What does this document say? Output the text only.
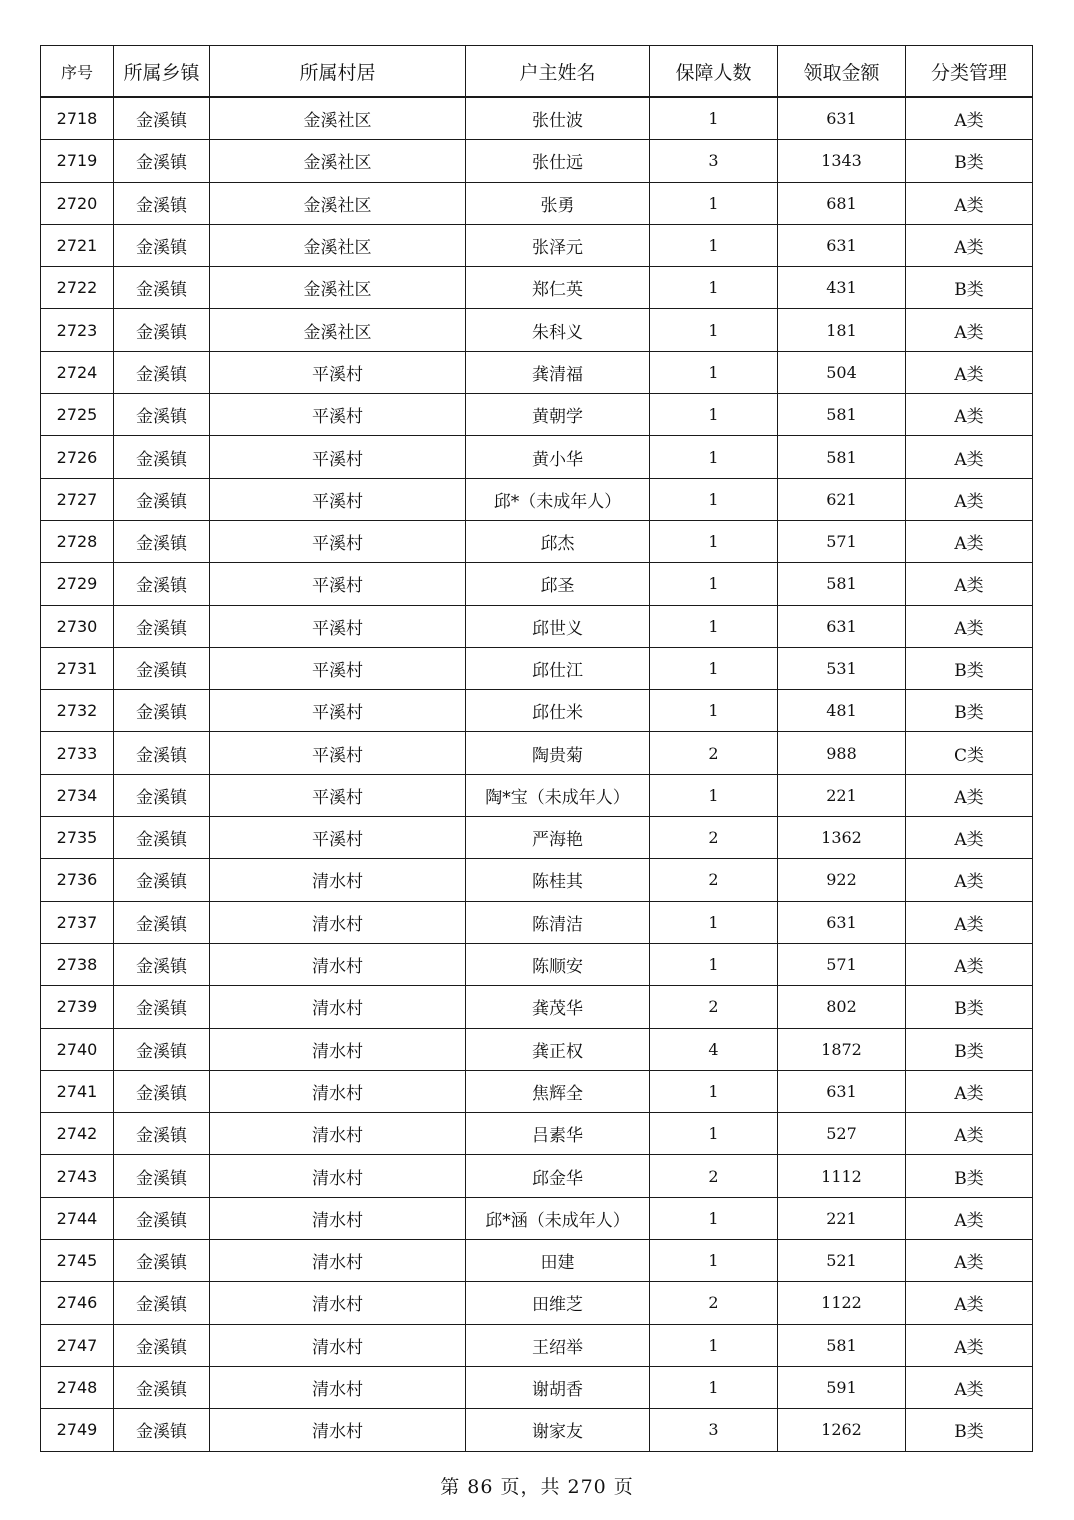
序号	所属乡镇	所属村居	户主姓名	保障人数	领取金额	分类管理
2718	金溪镇	金溪社区	张仕波	1	631	A类
2719	金溪镇	金溪社区	张仕远	3	1343	B类
2720	金溪镇	金溪社区	张勇	1	681	A类
2721	金溪镇	金溪社区	张泽元	1	631	A类
2722	金溪镇	金溪社区	郑仁英	1	431	B类
2723	金溪镇	金溪社区	朱科义	1	181	A类
2724	金溪镇	平溪村	龚清福	1	504	A类
2725	金溪镇	平溪村	黄朝学	1	581	A类
2726	金溪镇	平溪村	黄小华	1	581	A类
2727	金溪镇	平溪村	邱*（未成年人）	1	621	A类
2728	金溪镇	平溪村	邱杰	1	571	A类
2729	金溪镇	平溪村	邱圣	1	581	A类
2730	金溪镇	平溪村	邱世义	1	631	A类
2731	金溪镇	平溪村	邱仕江	1	531	B类
2732	金溪镇	平溪村	邱仕米	1	481	B类
2733	金溪镇	平溪村	陶贵菊	2	988	C类
2734	金溪镇	平溪村	陶*宝（未成年人）	1	221	A类
2735	金溪镇	平溪村	严海艳	2	1362	A类
2736	金溪镇	清水村	陈桂其	2	922	A类
2737	金溪镇	清水村	陈清洁	1	631	A类
2738	金溪镇	清水村	陈顺安	1	571	A类
2739	金溪镇	清水村	龚茂华	2	802	B类
2740	金溪镇	清水村	龚正权	4	1872	B类
2741	金溪镇	清水村	焦辉全	1	631	A类
2742	金溪镇	清水村	吕素华	1	527	A类
2743	金溪镇	清水村	邱金华	2	1112	B类
2744	金溪镇	清水村	邱*涵（未成年人）	1	221	A类
2745	金溪镇	清水村	田建	1	521	A类
2746	金溪镇	清水村	田维芝	2	1122	A类
2747	金溪镇	清水村	王绍举	1	581	A类
2748	金溪镇	清水村	谢胡香	1	591	A类
2749	金溪镇	清水村	谢家友	3	1262	B类
第 86 页，共 270 页
